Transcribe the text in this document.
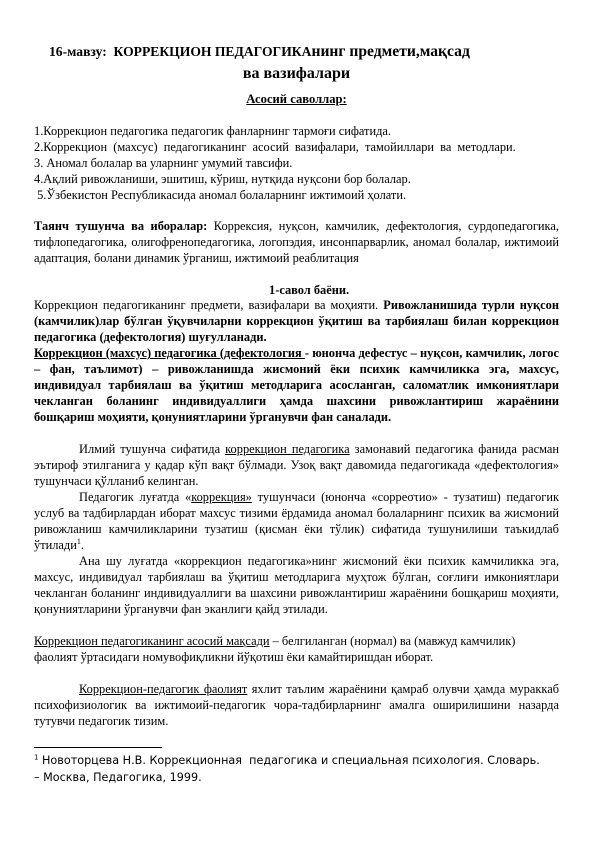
16-мавзу: КОРРЕКЦИОН ПЕДАГОГИКАнинг предмети,мақсад
ва вазифалари
Асосий саволлар:
1.Коррекцион педагогика педагогик фанларнинг тармоғи сифатида.
2.Коррекцион (махсус) педагогиканинг асосий вазифалари, тамойиллари ва методлари.
3. Аномал болалар ва уларнинг умумий тавсифи.
4.Ақлий ривожланиши, эшитиш, кўриш, нутқида нуқсони бор болалар.
5.Ўзбекистон Республикасида аномал болаларнинг ижтимоий ҳолати.
Таянч тушунча ва иборалар: Коррексия, нуқсон, камчилик, дефектология, сурдопедагогика, тифлопедагогика, олигофренопедагогика, логопэдия, инсонпарварлик, аномал болалар, ижтимоий адаптация, болани динамик ўрганиш, ижтимоий реаблитация
1-савол баёни.
Коррекцион педагогиканинг предмети, вазифалари ва моҳияти. Ривожланишида турли нуқсон (камчилик)лар бўлган ўқувчиларни коррекцион ўқитиш ва тарбиялаш билан коррекцион педагогика (дефектология) шуғулланади.
Коррекцион (махсус) педагогика (дефектология - юнонча дефестус – нуқсон, камчилик, логос – фан, таълимот) – ривожланишда жисмоний ёки психик камчиликка эга, махсус, индивидуал тарбиялаш ва ўқитиш методларига асосланган, саломатлик имкониятлари чекланган боланинг индивидуаллиги ҳамда шахсини ривожлантириш жараёнини бошқариш моҳияти, қонуниятларини ўрганувчи фан саналади.
Илмий тушунча сифатида коррекцион педагогика замонавий педагогика фанида расман эътироф этилганига у қадар кўп вақт бўлмади. Узоқ вақт давомида педагогикада «дефектология» тушунчаси қўлланиб келинган.
Педагогик луғатда «коррекция» тушунчаси (юнонча «сорреστио» - тузатиш) педагогик услуб ва тадбирлардан иборат махсус тизими ёрдамида аномал болаларнинг психик ва жисмоний ривожланиш камчиликларини тузатиш (қисман ёки тўлик) сифатида тушунилиши таъкидлаб ўтилади$^1$.
Ана шу луғатда «коррекцион педагогика»нинг жисмоний ёки психик камчиликка эга, махсус, индивидуал тарбиялаш ва ўқитиш методларига муҳтож бўлган, соғлиғи имкониятлари чекланган боланинг индивидуаллиги ва шахсини ривожлантириш жараёнини бошқариш моҳияти, қонуниятларини ўрганувчи фан эканлиги қайд этилади.
Коррекцион педагогиканинг асосий мақсади – белгиланган (нормал) ва (мавжуд камчилик) фаолият ўртасидаги номувофиқликни йўқотиш ёки камайтиришдан иборат.
Коррекцион-педагогик фаолият яхлит таълим жараёнини қамраб олувчи ҳамда мураккаб психофизиологик ва ижтимоий-педагогик чора-тадбирларнинг амалга оширилишини назарда тутувчи педагогик тизим.
$^1$ Новоторцева Н.В. Коррекционная  педагогика и специальная психология. Словарь.
– Москва, Педагогика, 1999.
